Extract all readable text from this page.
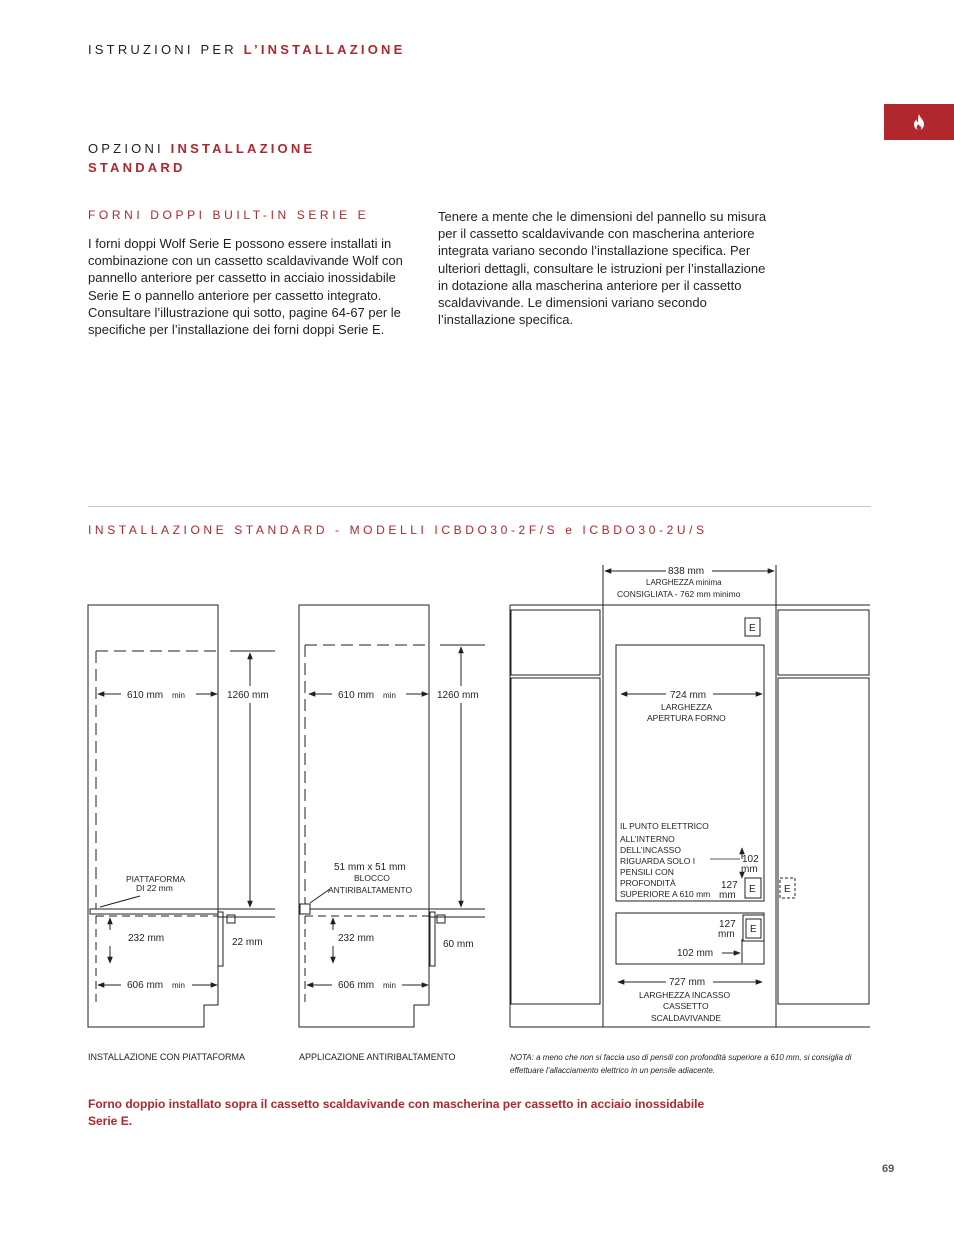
ISTRUZIONI PER L’INSTALLAZIONE
OPZIONI INSTALLAZIONE
STANDARD
FORNI DOPPI BUILT-IN SERIE E
I forni doppi Wolf Serie E possono essere installati in combinazione con un cassetto scaldavivande Wolf con pannello anteriore per cassetto in acciaio inossidabile Serie E o pannello anteriore per cassetto integrato. Consultare l’illustrazione qui sotto, pagine 64-67 per le specifiche per l’installazione dei forni doppi Serie E.
Tenere a mente che le dimensioni del pannello su misura per il cassetto scaldavivande con mascherina anteriore integrata variano secondo l’installazione specifica. Per ulteriori dettagli, consultare le istruzioni per l’installazione in dotazione alla mascherina anteriore per il cassetto scaldavivande. Le dimensioni variano secondo l’installazione specifica.
INSTALLAZIONE STANDARD - MODELLI ICBDO30-2F/S e ICBDO30-2U/S
610 mm min	1260 mm
PIATTAFORMA
DI 22 mm
232 mm	22 mm
606 mm min
610 mm min	1260 mm
51 mm x 51 mm
BLOCCO
ANTIRIBALTAMENTO
232 mm
60 mm
606 mm min
838 mm
LARGHEZZA minima
CONSIGLIATA - 762 mm minimo
724 mm
LARGHEZZA
APERTURA FORNO
IL PUNTO ELETTRICO
ALL’INTERNO
DELL’INCASSO
RIGUARDA SOLO I
PENSILI CON
PROFONDITÀ
SUPERIORE A 610 mm
102
mm
127
mm
127
mm
102 mm
727 mm
LARGHEZZA INCASSO
CASSETTO
SCALDAVIVANDE
E
E	E
E
INSTALLAZIONE CON PIATTAFORMA	APPLICAZIONE ANTIRIBALTAMENTO	NOTA: a meno che non si faccia uso di pensili con profondità superiore a 610 mm, si consiglia di effettuare l’allacciamento elettrico in un pensile adiacente.
Forno doppio installato sopra il cassetto scaldavivande con mascherina per cassetto in acciaio inossidabile Serie E.
69
